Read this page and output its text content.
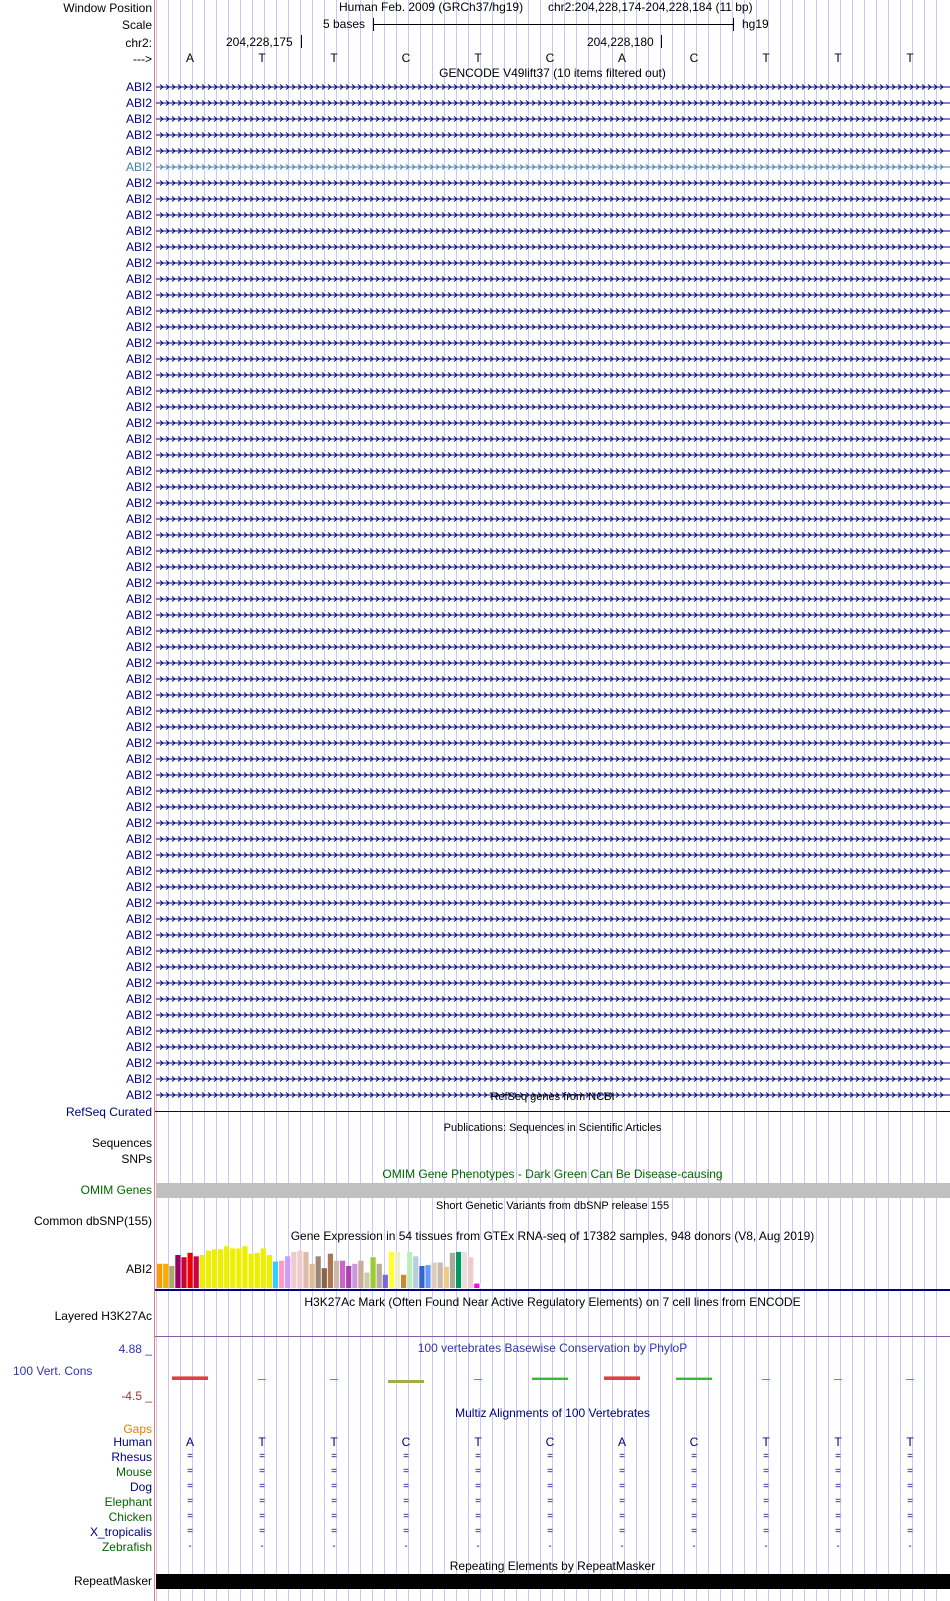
Window Position
Scale
chr2:
--->
Human Feb. 2009 (GRCh37/hg19) chr2:204,228,174-204,228,184 (11 bp)
5 bases	hg19
204,228,175	204,228,180
A	T	T	C	T	C	A	C	T	T	T
GENCODE V49lift37 (10 items filtered out)
ABI2
ABI2
ABI2
ABI2
ABI2
ABI2
ABI2
ABI2
ABI2
ABI2
ABI2
ABI2
ABI2
ABI2
ABI2
ABI2
ABI2
ABI2
ABI2
ABI2
ABI2
ABI2
ABI2
ABI2
ABI2
ABI2
ABI2
ABI2
ABI2
ABI2
ABI2
ABI2
ABI2
ABI2
ABI2
ABI2
ABI2
ABI2
ABI2
ABI2
ABI2
ABI2
ABI2
ABI2
ABI2
ABI2
ABI2
ABI2
ABI2
ABI2
ABI2
ABI2
ABI2
ABI2
ABI2
ABI2
ABI2
ABI2
ABI2
ABI2
ABI2
ABI2
ABI2
ABI2	RefSeq genes from NCBI
RefSeq Curated
Publications: Sequences in Scientific Articles
Sequences
SNPs
OMIM Gene Phenotypes - Dark Green Can Be Disease-causing
OMIM Genes
Short Genetic Variants from dbSNP release 155
Common dbSNP(155)
Gene Expression in 54 tissues from GTEx RNA-seq of 17382 samples, 948 donors (V8, Aug 2019)
ABI2
H3K27Ac Mark (Often Found Near Active Regulatory Elements) on 7 cell lines from ENCODE
Layered H3K27Ac
100 vertebrates Basewise Conservation by PhyloP
4.88 _
100 Vert. Cons
-4.5 _
Multiz Alignments of 100 Vertebrates
Gaps
Human	A	T	T	C	T	C	A	C	T	T	T
Rhesus	=	=	=	=	=	=	=	=	=	=	=
Mouse	=	=	=	=	=	=	=	=	=	=	=
Dog	=	=	=	=	=	=	=	=	=	=	=
Elephant	=	=	=	=	=	=	=	=	=	=	=
Chicken	=	=	=	=	=	=	=	=	=	=	=
X_tropicalis	=	=	=	=	=	=	=	=	=	=	=
Zebrafish	-	-	-	-	-	-	-	-	-	-	-
Repeating Elements by RepeatMasker
RepeatMasker
